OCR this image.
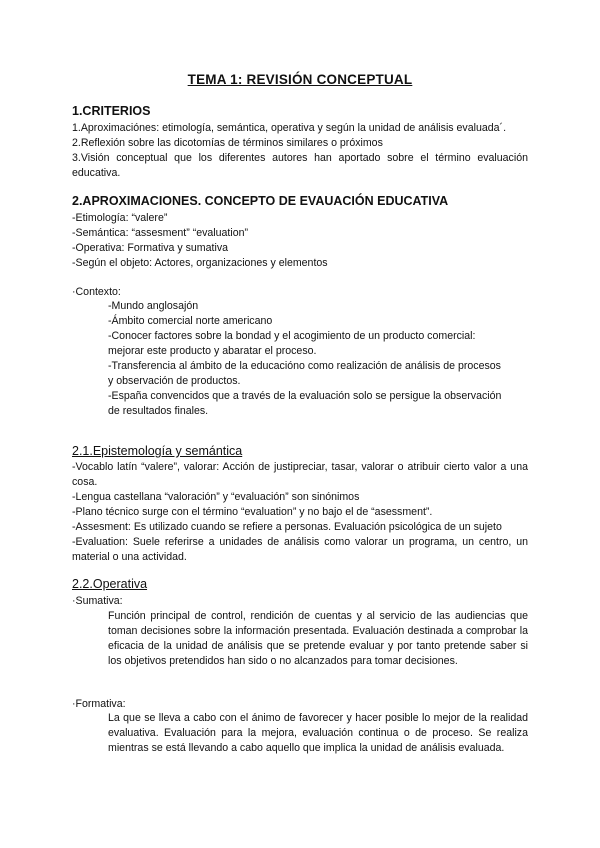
TEMA 1: REVISIÓN CONCEPTUAL
1.CRITERIOS
1.Aproximaciónes: etimología, semántica, operativa y según la unidad de análisis evaluada´.
2.Reflexión sobre las dicotomías de términos similares o próximos
3.Visión conceptual que los diferentes autores han aportado sobre el término evaluación educativa.
2.APROXIMACIONES. CONCEPTO DE EVAUACIÓN EDUCATIVA
-Etimología: “valere”
-Semántica: “assesment” “evaluation”
-Operativa: Formativa y sumativa
-Según el objeto: Actores, organizaciones y elementos
·Contexto:
-Mundo anglosajón
-Ámbito comercial norte americano
-Conocer factores sobre la bondad y el acogimiento de un producto comercial:
mejorar este producto y abaratar el proceso.
-Transferencia al ámbito de la educacióno como realización de análisis de procesos
y observación de productos.
-España convencidos que a través de la evaluación solo se persigue la observación
de resultados finales.
2.1.Epistemología y semántica
-Vocablo latín “valere”, valorar: Acción de justipreciar, tasar, valorar o atribuir cierto valor a una cosa.
-Lengua castellana “valoración” y “evaluación” son sinónimos
-Plano técnico surge con el término “evaluation” y no bajo el de “asessment”.
-Assesment: Es utilizado cuando se refiere a personas. Evaluación psicológica de un sujeto
-Evaluation: Suele referirse a unidades de análisis como valorar un programa, un centro, un material o una actividad.
2.2.Operativa
·Sumativa:
Función principal de control, rendición de cuentas y al servicio de las audiencias que toman decisiones sobre la información presentada. Evaluación destinada a comprobar la eficacia de la unidad de análisis que se pretende evaluar y por tanto pretende saber si los objetivos pretendidos han sido o no alcanzados para tomar decisiones.
·Formativa:
La que se lleva a cabo con el ánimo de favorecer y hacer posible lo mejor de la realidad evaluativa. Evaluación para la mejora, evaluación continua o de proceso. Se realiza mientras se está llevando a cabo aquello que implica la unidad de análisis evaluada.
